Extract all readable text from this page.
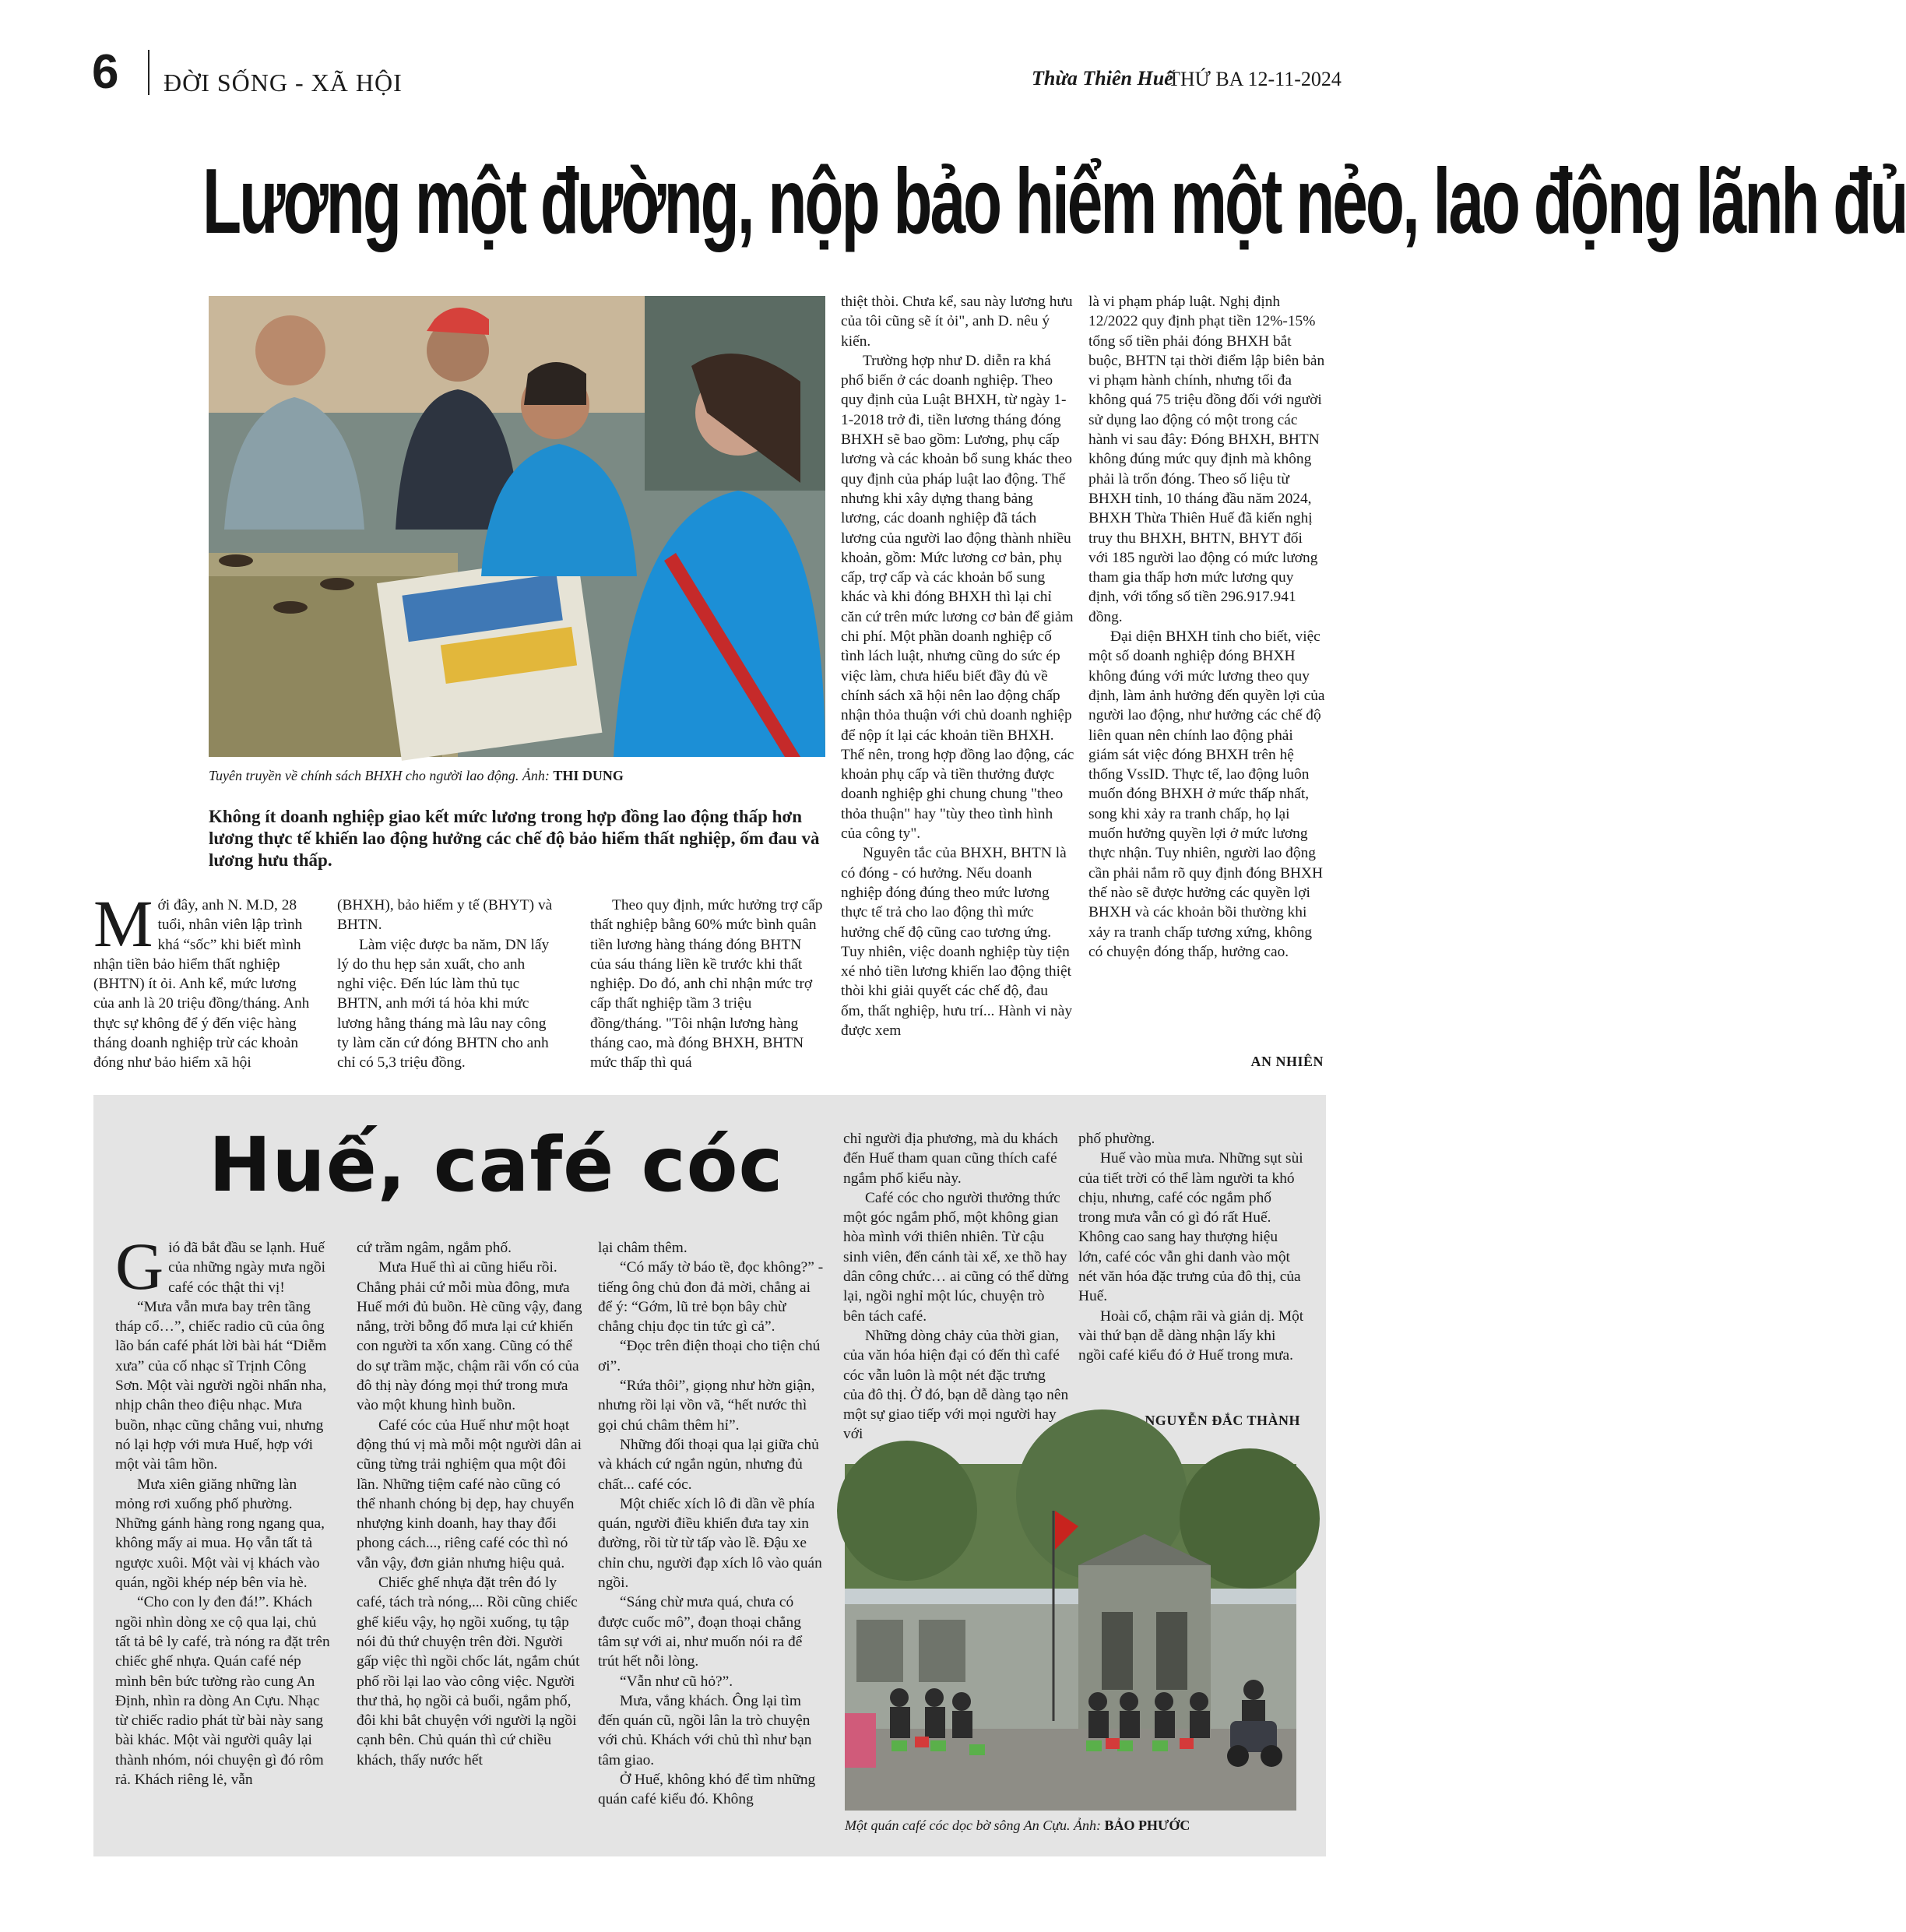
6 ĐỜI SỐNG - XÃ HỘI	Thừa Thiên Huế
THỨ BA 12-11-2024
Lương một đường, nộp bảo hiểm một nẻo, lao động lãnh đủ
Tuyên truyền về chính sách BHXH cho người lao động. Ảnh: THI DUNG
Không ít doanh nghiệp giao kết mức lương trong hợp đồng lao động thấp hơn lương thực tế khiến lao động hưởng các chế độ bảo hiểm thất nghiệp, ốm đau và lương hưu thấp.

Mới đây, anh N. M.D, 28 tuổi, nhân viên lập trình khá “sốc” khi biết mình nhận tiền bảo hiểm thất nghiệp (BHTN) ít ỏi. Anh kể, mức lương của anh là 20 triệu đồng/tháng. Anh thực sự không để ý đến việc hàng tháng doanh nghiệp trừ các khoản đóng như bảo hiểm xã hội

(BHXH), bảo hiểm y tế (BHYT) và BHTN.

Làm việc được ba năm, DN lấy lý do thu hẹp sản xuất, cho anh nghỉ việc. Đến lúc làm thủ tục BHTN, anh mới tá hỏa khi mức lương hằng tháng mà lâu nay công ty làm căn cứ đóng BHTN cho anh chỉ có 5,3 triệu đồng.

Theo quy định, mức hưởng trợ cấp thất nghiệp bằng 60% mức bình quân tiền lương hàng tháng đóng BHTN của sáu tháng liền kề trước khi thất nghiệp. Do đó, anh chỉ nhận mức trợ cấp thất nghiệp tầm 3 triệu đồng/tháng. "Tôi nhận lương hàng tháng cao, mà đóng BHXH, BHTN mức thấp thì quá

thiệt thòi. Chưa kể, sau này lương hưu của tôi cũng sẽ ít ỏi", anh D. nêu ý kiến.

Trường hợp như D. diễn ra khá phổ biến ở các doanh nghiệp. Theo quy định của Luật BHXH, từ ngày 1-1-2018 trở đi, tiền lương tháng đóng BHXH sẽ bao gồm: Lương, phụ cấp lương và các khoản bổ sung khác theo quy định của pháp luật lao động. Thế nhưng khi xây dựng thang bảng lương, các doanh nghiệp đã tách lương của người lao động thành nhiều khoản, gồm: Mức lương cơ bản, phụ cấp, trợ cấp và các khoản bổ sung khác và khi đóng BHXH thì lại chỉ căn cứ trên mức lương cơ bản để giảm chi phí. Một phần doanh nghiệp cố tình lách luật, nhưng cũng do sức ép việc làm, chưa hiểu biết đầy đủ về chính sách xã hội nên lao động chấp nhận thỏa thuận với chủ doanh nghiệp để nộp ít lại các khoản tiền BHXH. Thế nên, trong hợp đồng lao động, các khoản phụ cấp và tiền thưởng được doanh nghiệp ghi chung chung "theo thỏa thuận" hay "tùy theo tình hình của công ty".

Nguyên tắc của BHXH, BHTN là có đóng - có hưởng. Nếu doanh nghiệp đóng đúng theo mức lương thực tế trả cho lao động thì mức hưởng chế độ cũng cao tương ứng. Tuy nhiên, việc doanh nghiệp tùy tiện xé nhỏ tiền lương khiến lao động thiệt thòi khi giải quyết các chế độ, đau ốm, thất nghiệp, hưu trí... Hành vi này được xem

là vi phạm pháp luật. Nghị định 12/2022 quy định phạt tiền 12%-15% tổng số tiền phải đóng BHXH bắt buộc, BHTN tại thời điểm lập biên bản vi phạm hành chính, nhưng tối đa không quá 75 triệu đồng đối với người sử dụng lao động có một trong các hành vi sau đây: Đóng BHXH, BHTN không đúng mức quy định mà không phải là trốn đóng. Theo số liệu từ BHXH tỉnh, 10 tháng đầu năm 2024, BHXH Thừa Thiên Huế đã kiến nghị truy thu BHXH, BHTN, BHYT đối với 185 người lao động có mức lương tham gia thấp hơn mức lương quy định, với tổng số tiền 296.917.941 đồng.

Đại diện BHXH tỉnh cho biết, việc một số doanh nghiệp đóng BHXH không đúng với mức lương theo quy định, làm ảnh hưởng đến quyền lợi của người lao động, như hưởng các chế độ liên quan nên chính lao động phải giám sát việc đóng BHXH trên hệ thống VssID. Thực tế, lao động luôn muốn đóng BHXH ở mức thấp nhất, song khi xảy ra tranh chấp, họ lại muốn hưởng quyền lợi ở mức lương thực nhận. Tuy nhiên, người lao động cần phải nắm rõ quy định đóng BHXH thế nào sẽ được hưởng các quyền lợi BHXH và các khoản bồi thường khi xảy ra tranh chấp tương xứng, không có chuyện đóng thấp, hưởng cao.

AN NHIÊN
Huế, café cóc

Gió đã bắt đầu se lạnh. Huế của những ngày mưa ngồi café cóc thật thi vị!

“Mưa vẫn mưa bay trên tầng tháp cổ…”, chiếc radio cũ của ông lão bán café phát lời bài hát “Diễm xưa” của cố nhạc sĩ Trịnh Công Sơn. Một vài người ngồi nhẩn nha, nhịp chân theo điệu nhạc. Mưa buồn, nhạc cũng chẳng vui, nhưng nó lại hợp với mưa Huế, hợp với một vài tâm hồn.

Mưa xiên giăng những làn mỏng rơi xuống phố phường. Những gánh hàng rong ngang qua, không mấy ai mua. Họ vẫn tất tả ngược xuôi. Một vài vị khách vào quán, ngồi khép nép bên vỉa hè.

“Cho con ly đen đá!”. Khách ngồi nhìn dòng xe cộ qua lại, chủ tất tả bê ly café, trà nóng ra đặt trên chiếc ghế nhựa. Quán café nép mình bên bức tường rào cung An Định, nhìn ra dòng An Cựu. Nhạc từ chiếc radio phát từ bài này sang bài khác. Một vài người quây lại thành nhóm, nói chuyện gì đó rôm rả. Khách riêng lẻ, vẫn

cứ trầm ngâm, ngắm phố.

Mưa Huế thì ai cũng hiểu rồi. Chẳng phải cứ mỗi mùa đông, mưa Huế mới đủ buồn. Hè cũng vậy, đang nắng, trời bỗng đổ mưa lại cứ khiến con người ta xốn xang. Cũng có thể do sự trầm mặc, chậm rãi vốn có của đô thị này đóng mọi thứ trong mưa vào một khung hình buồn.

Café cóc của Huế như một hoạt động thú vị mà mỗi một người dân ai cũng từng trải nghiệm qua một đôi lần. Những tiệm café nào cũng có thể nhanh chóng bị dẹp, hay chuyển nhượng kinh doanh, hay thay đổi phong cách..., riêng café cóc thì nó vẫn vậy, đơn giản nhưng hiệu quả.

Chiếc ghế nhựa đặt trên đó ly café, tách trà nóng,... Rồi cũng chiếc ghế kiểu vậy, họ ngồi xuống, tụ tập nói đủ thứ chuyện trên đời. Người gấp việc thì ngồi chốc lát, ngắm chút phố rồi lại lao vào công việc. Người thư thả, họ ngồi cả buổi, ngắm phố, đôi khi bắt chuyện với người lạ ngồi cạnh bên. Chủ quán thì cứ chiều khách, thấy nước hết

lại châm thêm.

“Có mấy tờ báo tề, đọc không?” - tiếng ông chủ đon đả mời, chẳng ai để ý: “Gớm, lũ trẻ bọn bây chừ chẳng chịu đọc tin tức gì cả”.

“Đọc trên điện thoại cho tiện chú ơi”.

“Rứa thôi”, giọng như hờn giận, nhưng rồi lại vồn vã, “hết nước thì gọi chú châm thêm hỉ”.

Những đối thoại qua lại giữa chủ và khách cứ ngắn ngủn, nhưng đủ chất... café cóc.

Một chiếc xích lô đi dần về phía quán, người điều khiển đưa tay xin đường, rồi từ từ tấp vào lề. Đậu xe chỉn chu, người đạp xích lô vào quán ngồi.

“Sáng chừ mưa quá, chưa có được cuốc mô”, đoạn thoại chẳng tâm sự với ai, như muốn nói ra để trút hết nỗi lòng.

“Vẫn như cũ hỏ?”.

Mưa, vắng khách. Ông lại tìm đến quán cũ, ngồi lân la trò chuyện với chủ. Khách với chủ thì như bạn tâm giao.

Ở Huế, không khó để tìm những quán café kiểu đó. Không

chỉ người địa phương, mà du khách đến Huế tham quan cũng thích café ngắm phố kiểu này.

Café cóc cho người thưởng thức một góc ngắm phố, một không gian hòa mình với thiên nhiên. Từ cậu sinh viên, đến cánh tài xế, xe thồ hay dân công chức… ai cũng có thể dừng lại, ngồi nghỉ một lúc, chuyện trò bên tách café.

Những dòng chảy của thời gian, của văn hóa hiện đại có đến thì café cóc vẫn luôn là một nét đặc trưng của đô thị. Ở đó, bạn dễ dàng tạo nên một sự giao tiếp với mọi người hay với

phố phường.

Huế vào mùa mưa. Những sụt sùi của tiết trời có thể làm người ta khó chịu, nhưng, café cóc ngắm phố trong mưa vẫn có gì đó rất Huế. Không cao sang hay thượng hiệu lớn, café cóc vẫn ghi danh vào một nét văn hóa đặc trưng của đô thị, của Huế.

Hoài cổ, chậm rãi và giản dị. Một vài thứ bạn dễ dàng nhận lấy khi ngồi café kiểu đó ở Huế trong mưa.

NGUYỄN ĐẮC THÀNH
Một quán café cóc dọc bờ sông An Cựu. Ảnh: BẢO PHƯỚC
